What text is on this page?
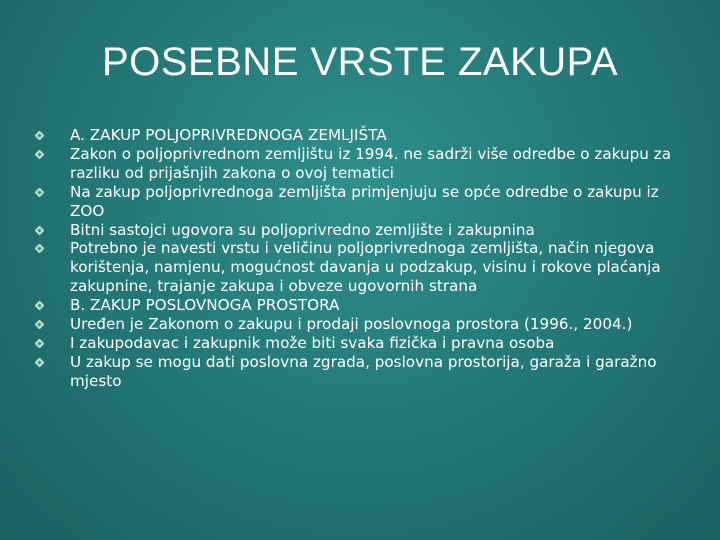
POSEBNE VRSTE ZAKUPA
A. ZAKUP POLJOPRIVREDNOGA ZEMLJIŠTA
Zakon o poljoprivrednom zemljištu iz 1994. ne sadrži više odredbe o zakupu za razliku od prijašnjih zakona o ovoj tematici
Na zakup poljoprivrednoga zemljišta primjenjuju se opće odredbe o zakupu iz ZOO
Bitni sastojci ugovora su poljoprivredno zemljište i zakupnina
Potrebno je navesti vrstu i veličinu poljoprivrednoga zemljišta, način njegova korištenja, namjenu, mogućnost davanja u podzakup, visinu i rokove plaćanja zakupnine, trajanje zakupa i obveze ugovornih strana
B. ZAKUP POSLOVNOGA PROSTORA
Uređen je Zakonom o zakupu i prodaji poslovnoga prostora (1996., 2004.)
I zakupodavac i zakupnik može biti svaka fizička i pravna osoba
U zakup se mogu dati poslovna zgrada, poslovna prostorija, garaža i garažno mjesto
